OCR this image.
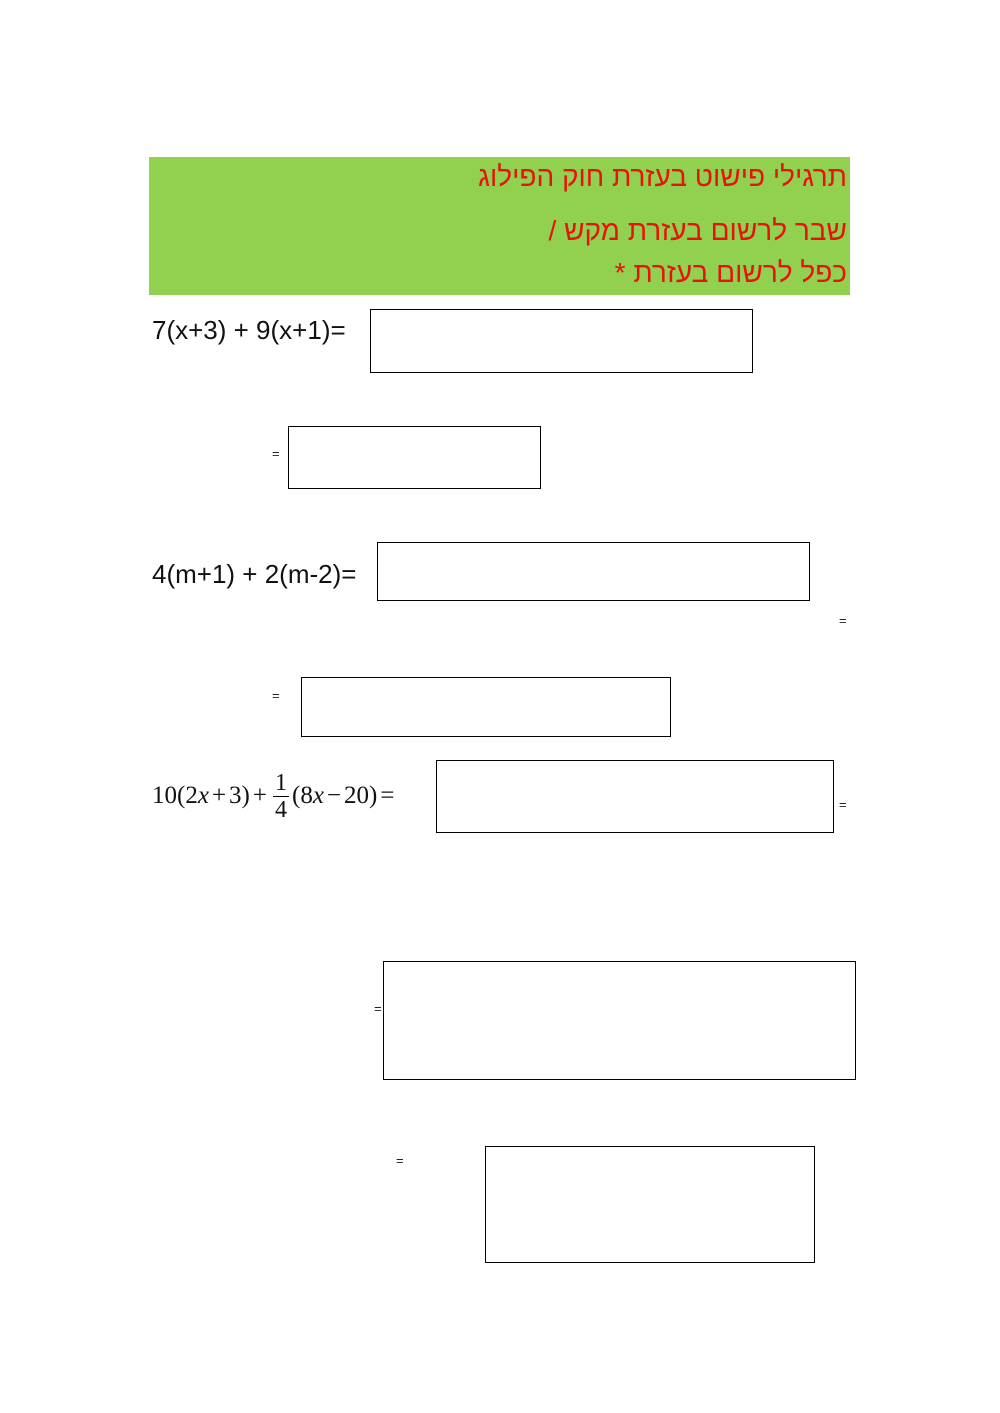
תרגילי פישוט בעזרת חוק הפילוג
שבר לרשום בעזרת מקש /
כפל לרשום בעזרת *
7(x+3) + 9(x+1)=
=
4(m+1) + 2(m-2)=
=
=
10 ( 2 $x + 3) + \frac{1}{4}$ ( 8 x − 20) =	=
=
=
